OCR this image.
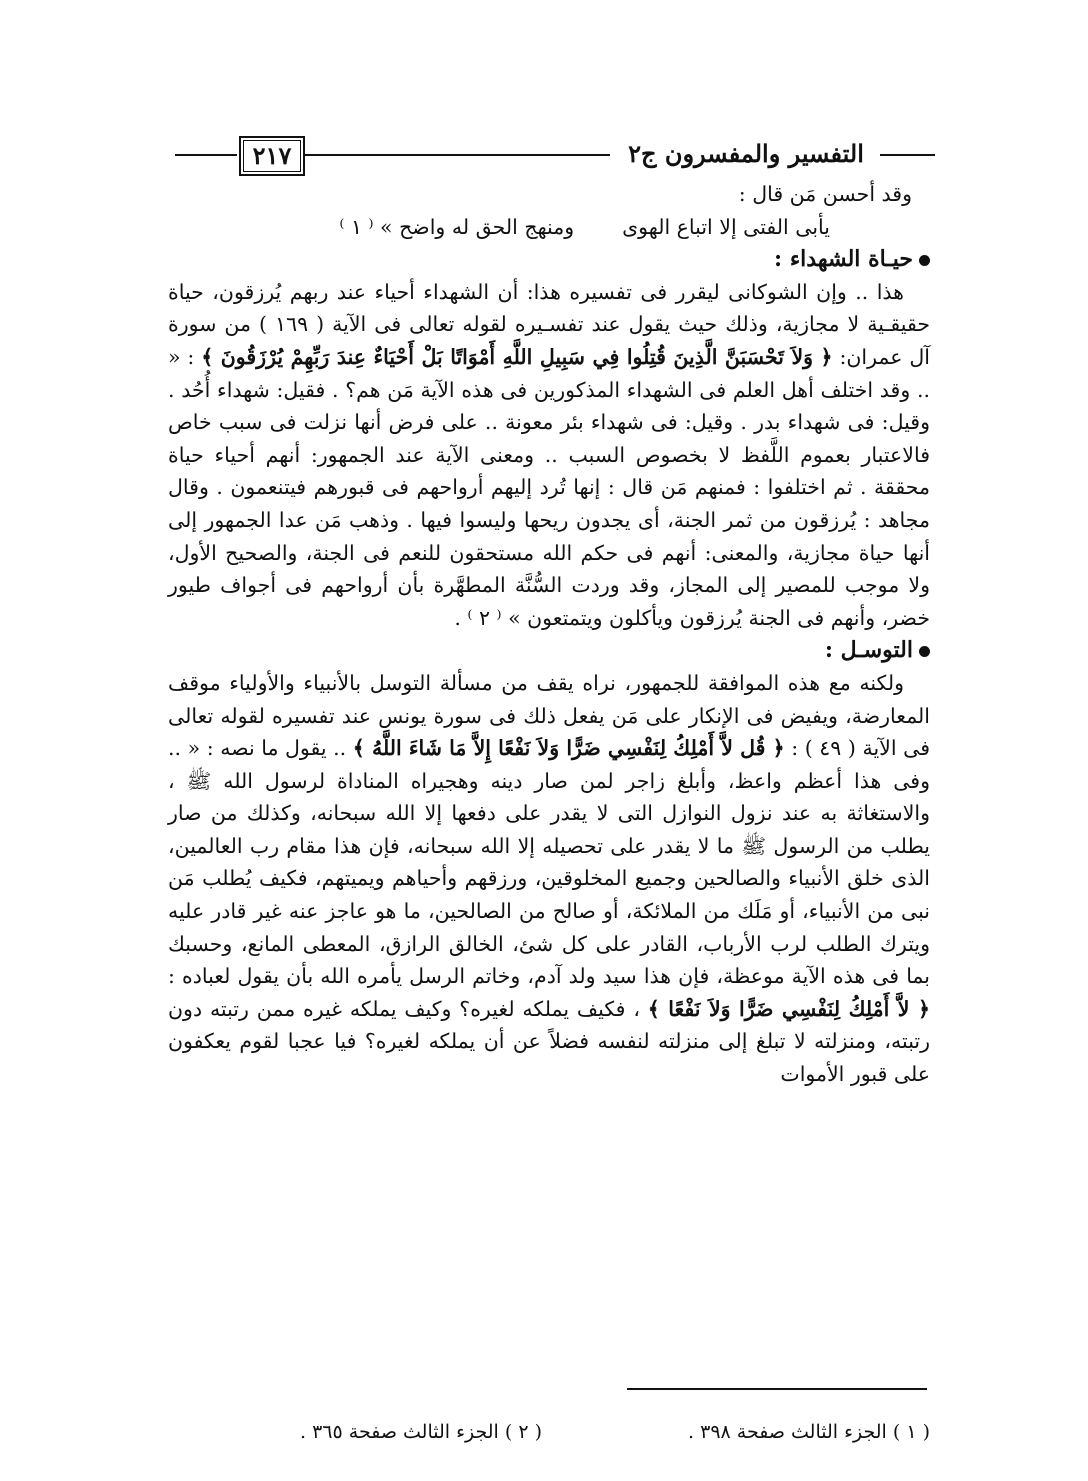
٢١٧	التفسير والمفسرون ج٢

وقد أحسن مَن قال :

يأبى الفتى إلا اتباع الهوى
ومنهج الحق له واضح » ⁽ ١ ⁾

حيـاة الشهداء :

هذا .. وإن الشوكانى ليقرر فى تفسيره هذا: أن الشهداء أحياء عند ربهم يُرزقون، حياة حقيقـية لا مجازية، وذلك حيث يقول عند تفسـيره لقوله تعالى فى الآية ( ١٦٩ ) من سورة آل عمران: ﴿ وَلاَ تَحْسَبَنَّ الَّذِينَ قُتِلُوا فِي سَبِيلِ اللَّهِ أَمْوَاتًا بَلْ أَحْيَاءٌ عِندَ رَبِّهِمْ يُرْزَقُونَ ﴾ : « .. وقد اختلف أهل العلم فى الشهداء المذكورين فى هذه الآية مَن هم؟ . فقيل: شهداء أُحُد . وقيل: فى شهداء بدر . وقيل: فى شهداء بئر معونة .. على فرض أنها نزلت فى سبب خاص فالاعتبار بعموم اللَّفظ لا بخصوص السبب .. ومعنى الآية عند الجمهور: أنهم أحياء حياة محققة . ثم اختلفوا : فمنهم مَن قال : إنها تُرد إليهم أرواحهم فى قبورهم فيتنعمون . وقال مجاهد : يُرزقون من ثمر الجنة، أى يجدون ريحها وليسوا فيها . وذهب مَن عدا الجمهور إلى أنها حياة مجازية، والمعنى: أنهم فى حكم الله مستحقون للنعم فى الجنة، والصحيح الأول، ولا موجب للمصير إلى المجاز، وقد وردت السُّنَّة المطهَّرة بأن أرواحهم فى أجواف طيور خضر، وأنهم فى الجنة يُرزقون ويأكلون ويتمتعون » ⁽ ٢ ⁾ .

التوسـل :

ولكنه مع هذه الموافقة للجمهور، نراه يقف من مسألة التوسل بالأنبياء والأولياء موقف المعارضة، ويفيض فى الإنكار على مَن يفعل ذلك فى سورة يونس عند تفسيره لقوله تعالى فى الآية ( ٤٩ ) : ﴿ قُل لاَّ أَمْلِكُ لِنَفْسِي ضَرًّا وَلاَ نَفْعًا إِلاَّ مَا شَاءَ اللَّهُ ﴾ .. يقول ما نصه : « .. وفى هذا أعظم واعظ، وأبلغ زاجر لمن صار دينه وهجيراه المناداة لرسول الله ﷺ ، والاستغاثة به عند نزول النوازل التى لا يقدر على دفعها إلا الله سبحانه، وكذلك من صار يطلب من الرسول ﷺ ما لا يقدر على تحصيله إلا الله سبحانه، فإن هذا مقام رب العالمين، الذى خلق الأنبياء والصالحين وجميع المخلوقين، ورزقهم وأحياهم ويميتهم، فكيف يُطلب مَن نبى من الأنبياء، أو مَلَك من الملائكة، أو صالح من الصالحين، ما هو عاجز عنه غير قادر عليه ويترك الطلب لرب الأرباب، القادر على كل شئ، الخالق الرازق، المعطى المانع، وحسبك بما فى هذه الآية موعظة، فإن هذا سيد ولد آدم، وخاتم الرسل يأمره الله بأن يقول لعباده : ﴿ لاَّ أَمْلِكُ لِنَفْسِي ضَرًّا وَلاَ نَفْعًا ﴾ ، فكيف يملكه لغيره؟ وكيف يملكه غيره ممن رتبته دون رتبته، ومنزلته لا تبلغ إلى منزلته لنفسه فضلاً عن أن يملكه لغيره؟ فيا عجبا لقوم يعكفون على قبور الأموات

( ١ ) الجزء الثالث صفحة ٣٩٨ .
( ٢ ) الجزء الثالث صفحة ٣٦٥ .
